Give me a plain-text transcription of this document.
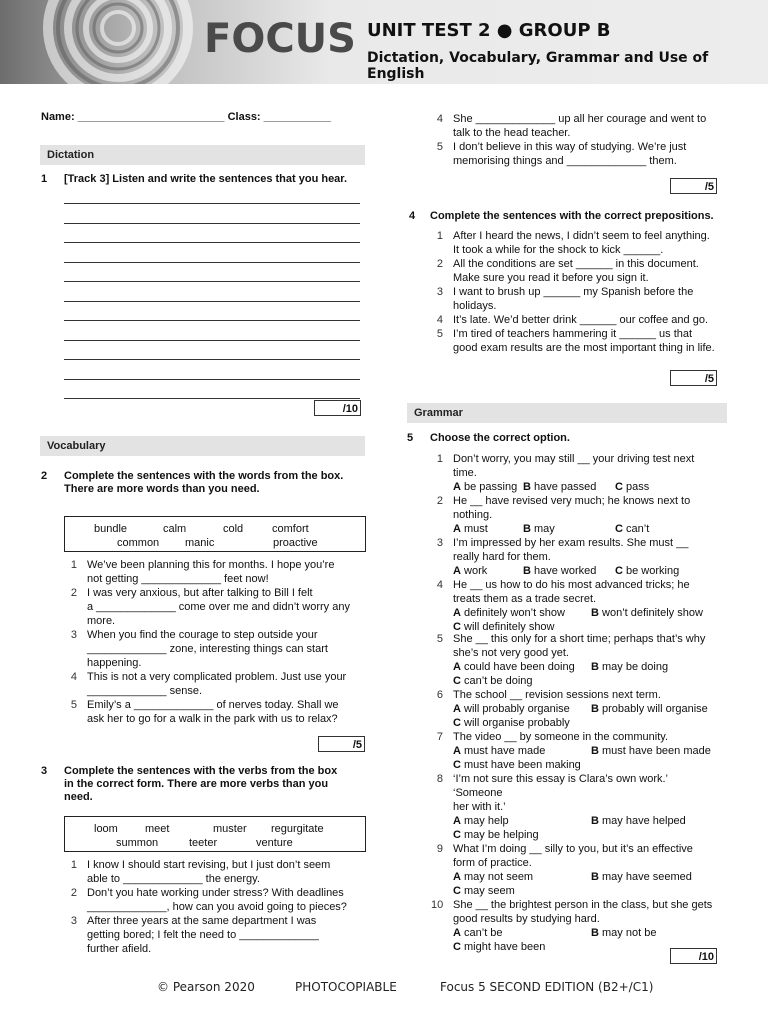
FOCUS UNIT TEST 2 ● GROUP B
Dictation, Vocabulary, Grammar and Use of English
Name: ________________________ Class: ___________
Dictation
1 [Track 3] Listen and write the sentences that you hear.
/10
Vocabulary
2 Complete the sentences with the words from the box.
There are more words than you need.
bundle	calm	cold	comfort
common manic	proactive
1 We’ve been planning this for months. I hope you’re
not getting _____________ feet now!

2 I was very anxious, but after talking to Bill I felt
a _____________ come over me and didn’t worry any
more.

3 When you find the courage to step outside your
_____________ zone, interesting things can start
happening.

4 This is not a very complicated problem. Just use your
_____________ sense.

5 Emily’s a _____________ of nerves today. Shall we
ask her to go for a walk in the park with us to relax?

/5
3 Complete the sentences with the verbs from the box
in the correct form. There are more verbs than you
need.
loom meet	muster regurgitate
summon	teeter	venture
1 I know I should start revising, but I just don’t seem
able to _____________ the energy.

2 Don’t you hate working under stress? With deadlines
_____________, how can you avoid going to pieces?

3 After three years at the same department I was
getting bored; I felt the need to _____________
further afield.

4 She _____________ up all her courage and went to
talk to the head teacher.

5 I don’t believe in this way of studying. We’re just
memorising things and _____________ them.

/5
4 Complete the sentences with the correct prepositions.
1 After I heard the news, I didn’t seem to feel anything.
It took a while for the shock to kick ______.

2 All the conditions are set ______ in this document.
Make sure you read it before you sign it.

3 I want to brush up ______ my Spanish before the
holidays.

4 It’s late. We’d better drink ______ our coffee and go.

5 I’m tired of teachers hammering it ______ us that
good exam results are the most important thing in life.

/5
Grammar
5 Choose the correct option.
1 Don’t worry, you may still __ your driving test next
time.

A be passing B have passed C pass
2 He __ have revised very much; he knows next to
nothing.

A must	B may	C can’t
3 I’m impressed by her exam results. She must __
really hard for them.

A work	B have worked C be working
4 He __ us how to do his most advanced tricks; he
treats them as a trade secret.

A definitely won’t show B won’t definitely show
C will definitely show
5 She __ this only for a short time; perhaps that’s why
she’s not very good yet.

A could have been doing B may be doing
C can’t be doing
6 The school __ revision sessions next term.

A will probably organise B probably will organise
C will organise probably
7 The video __ by someone in the community.

A must have made	B must have been made
C must have been making
8 ‘I’m not sure this essay is Clara’s own work.’
‘Someone
her with it.’

A may help	B may have helped
C may be helping
9 What I’m doing __ silly to you, but it’s an effective
form of practice.

A may not seem	B may have seemed
C may seem
10 She __ the brightest person in the class, but she gets
good results by studying hard.

A can’t be	B may not be
C might have been
/10
© Pearson 2020	PHOTOCOPIABLE	Focus 5 SECOND EDITION (B2+/C1)
